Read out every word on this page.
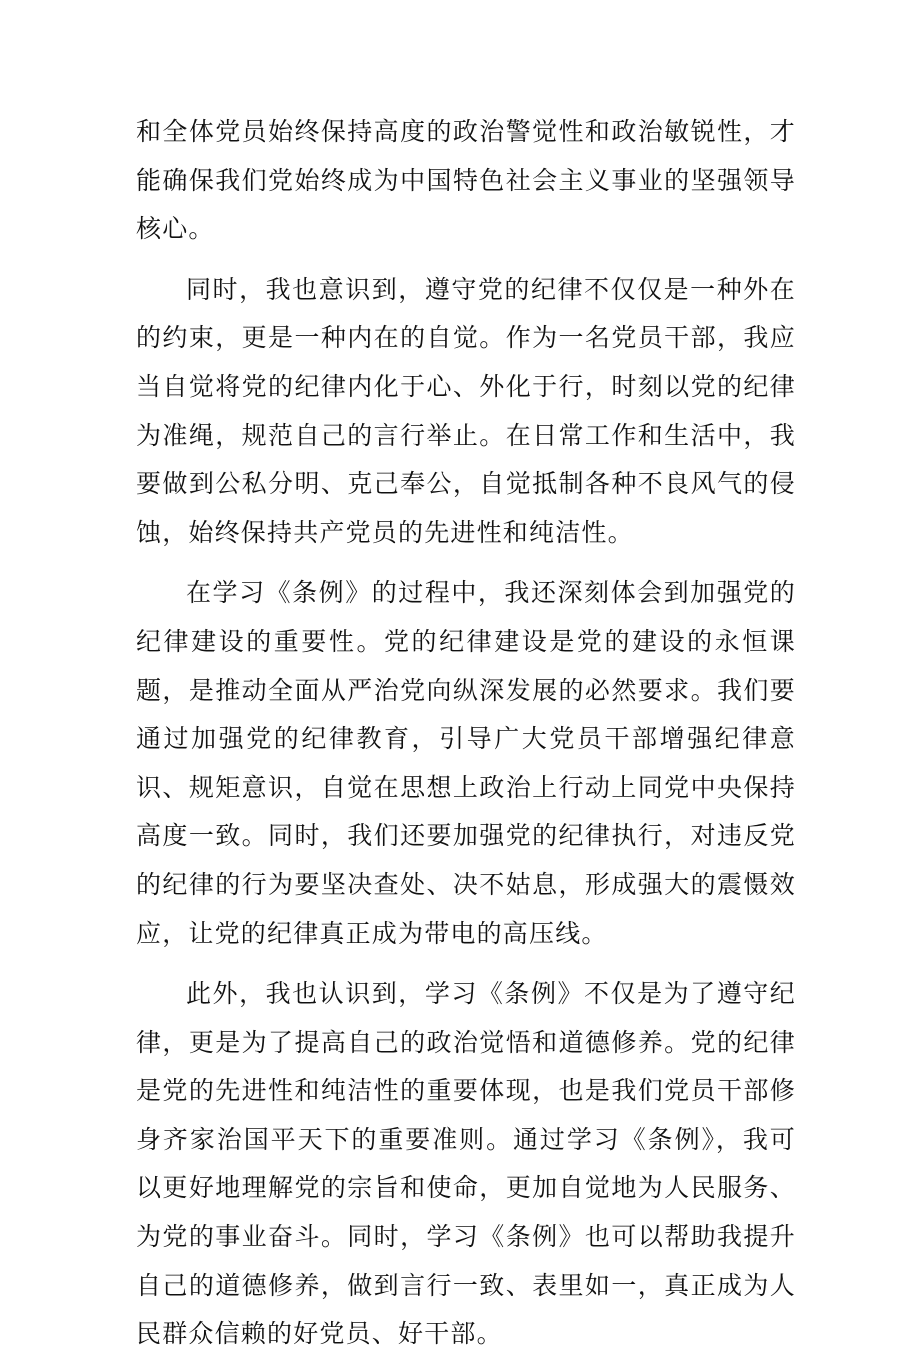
和全体党员始终保持高度的政治警觉性和政治敏锐性，才能确保我们党始终成为中国特色社会主义事业的坚强领导核心。

同时，我也意识到，遵守党的纪律不仅仅是一种外在的约束，更是一种内在的自觉。作为一名党员干部，我应当自觉将党的纪律内化于心、外化于行，时刻以党的纪律为准绳，规范自己的言行举止。在日常工作和生活中，我要做到公私分明、克己奉公，自觉抵制各种不良风气的侵蚀，始终保持共产党员的先进性和纯洁性。

在学习《条例》的过程中，我还深刻体会到加强党的纪律建设的重要性。党的纪律建设是党的建设的永恒课题，是推动全面从严治党向纵深发展的必然要求。我们要通过加强党的纪律教育，引导广大党员干部增强纪律意识、规矩意识，自觉在思想上政治上行动上同党中央保持高度一致。同时，我们还要加强党的纪律执行，对违反党的纪律的行为要坚决查处、决不姑息，形成强大的震慑效应，让党的纪律真正成为带电的高压线。

此外，我也认识到，学习《条例》不仅是为了遵守纪律，更是为了提高自己的政治觉悟和道德修养。党的纪律是党的先进性和纯洁性的重要体现，也是我们党员干部修身齐家治国平天下的重要准则。通过学习《条例》，我可以更好地理解党的宗旨和使命，更加自觉地为人民服务、为党的事业奋斗。同时，学习《条例》也可以帮助我提升自己的道德修养，做到言行一致、表里如一，真正成为人民群众信赖的好党员、好干部。
